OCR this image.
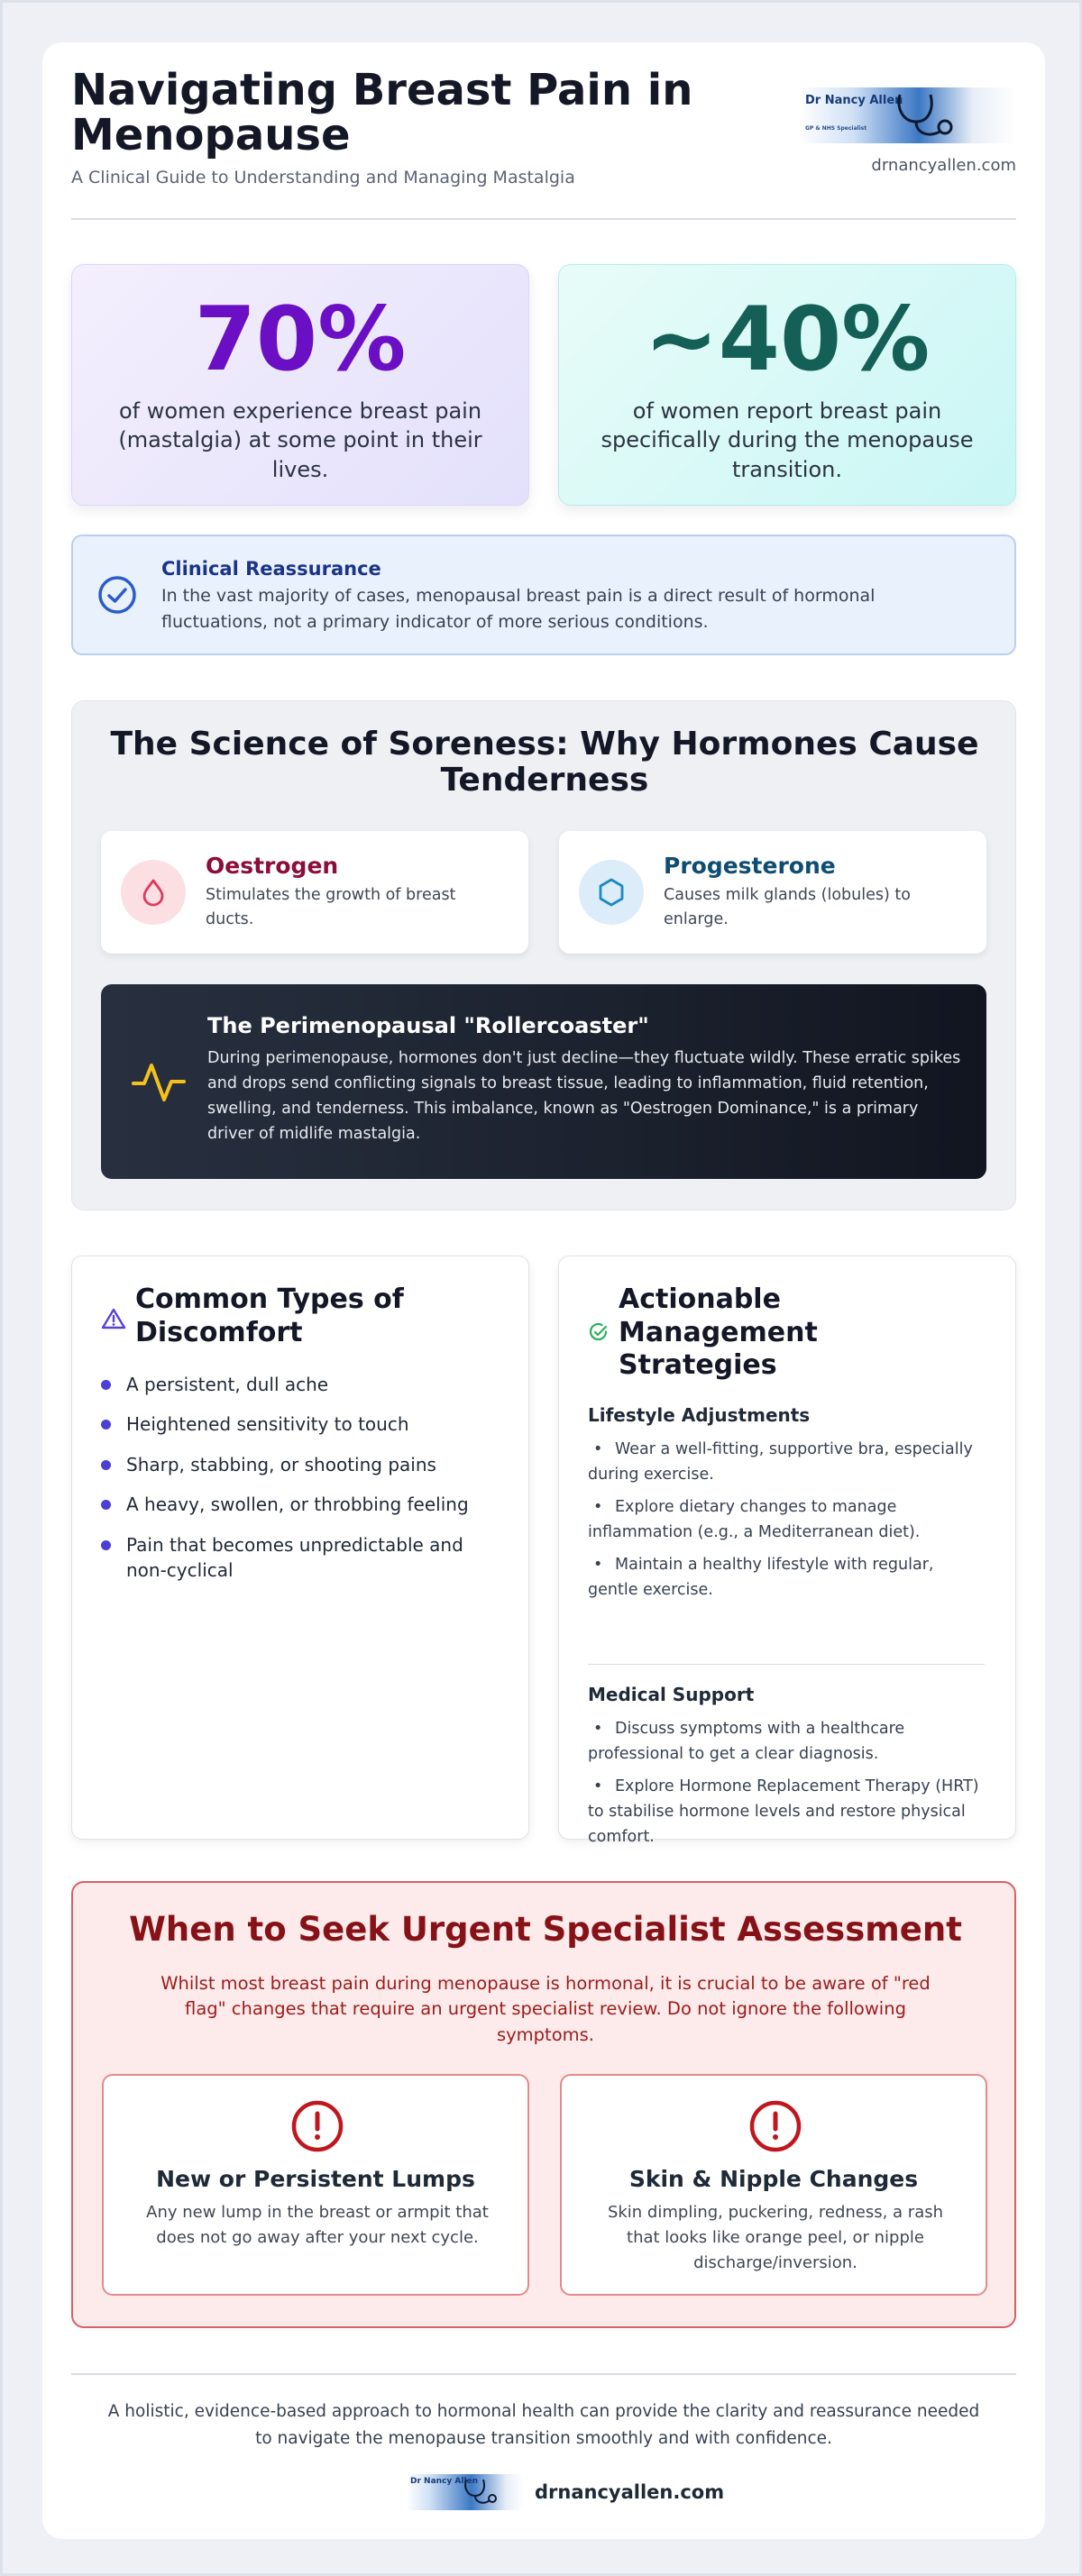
Navigating Breast Pain in Menopause
A Clinical Guide to Understanding and Managing Mastalgia
Dr Nancy Allen
GP & NHS Specialist
drnancyallen.com
70%
of women experience breast pain (mastalgia) at some point in their lives.
~40%
of women report breast pain specifically during the menopause transition.
Clinical Reassurance
In the vast majority of cases, menopausal breast pain is a direct result of hormonal fluctuations, not a primary indicator of more serious conditions.
The Science of Soreness: Why Hormones Cause Tenderness
Oestrogen
Stimulates the growth of breast ducts.
Progesterone
Causes milk glands (lobules) to enlarge.
The Perimenopausal "Rollercoaster"
During perimenopause, hormones don't just decline—they fluctuate wildly. These erratic spikes and drops send conflicting signals to breast tissue, leading to inflammation, fluid retention, swelling, and tenderness. This imbalance, known as "Oestrogen Dominance," is a primary driver of midlife mastalgia.
Common Types of Discomfort
A persistent, dull ache
Heightened sensitivity to touch
Sharp, stabbing, or shooting pains
A heavy, swollen, or throbbing feeling
Pain that becomes unpredictable and non-cyclical
Actionable Management Strategies
Lifestyle Adjustments
• Wear a well-fitting, supportive bra, especially during exercise.
• Explore dietary changes to manage inflammation (e.g., a Mediterranean diet).
• Maintain a healthy lifestyle with regular, gentle exercise.
Medical Support
• Discuss symptoms with a healthcare professional to get a clear diagnosis.
• Explore Hormone Replacement Therapy (HRT) to stabilise hormone levels and restore physical comfort.
When to Seek Urgent Specialist Assessment
Whilst most breast pain during menopause is hormonal, it is crucial to be aware of "red flag" changes that require an urgent specialist review. Do not ignore the following symptoms.
New or Persistent Lumps
Any new lump in the breast or armpit that does not go away after your next cycle.
Skin & Nipple Changes
Skin dimpling, puckering, redness, a rash that looks like orange peel, or nipple discharge/inversion.
A holistic, evidence-based approach to hormonal health can provide the clarity and reassurance needed to navigate the menopause transition smoothly and with confidence.
Dr Nancy Allen	drnancyallen.com
